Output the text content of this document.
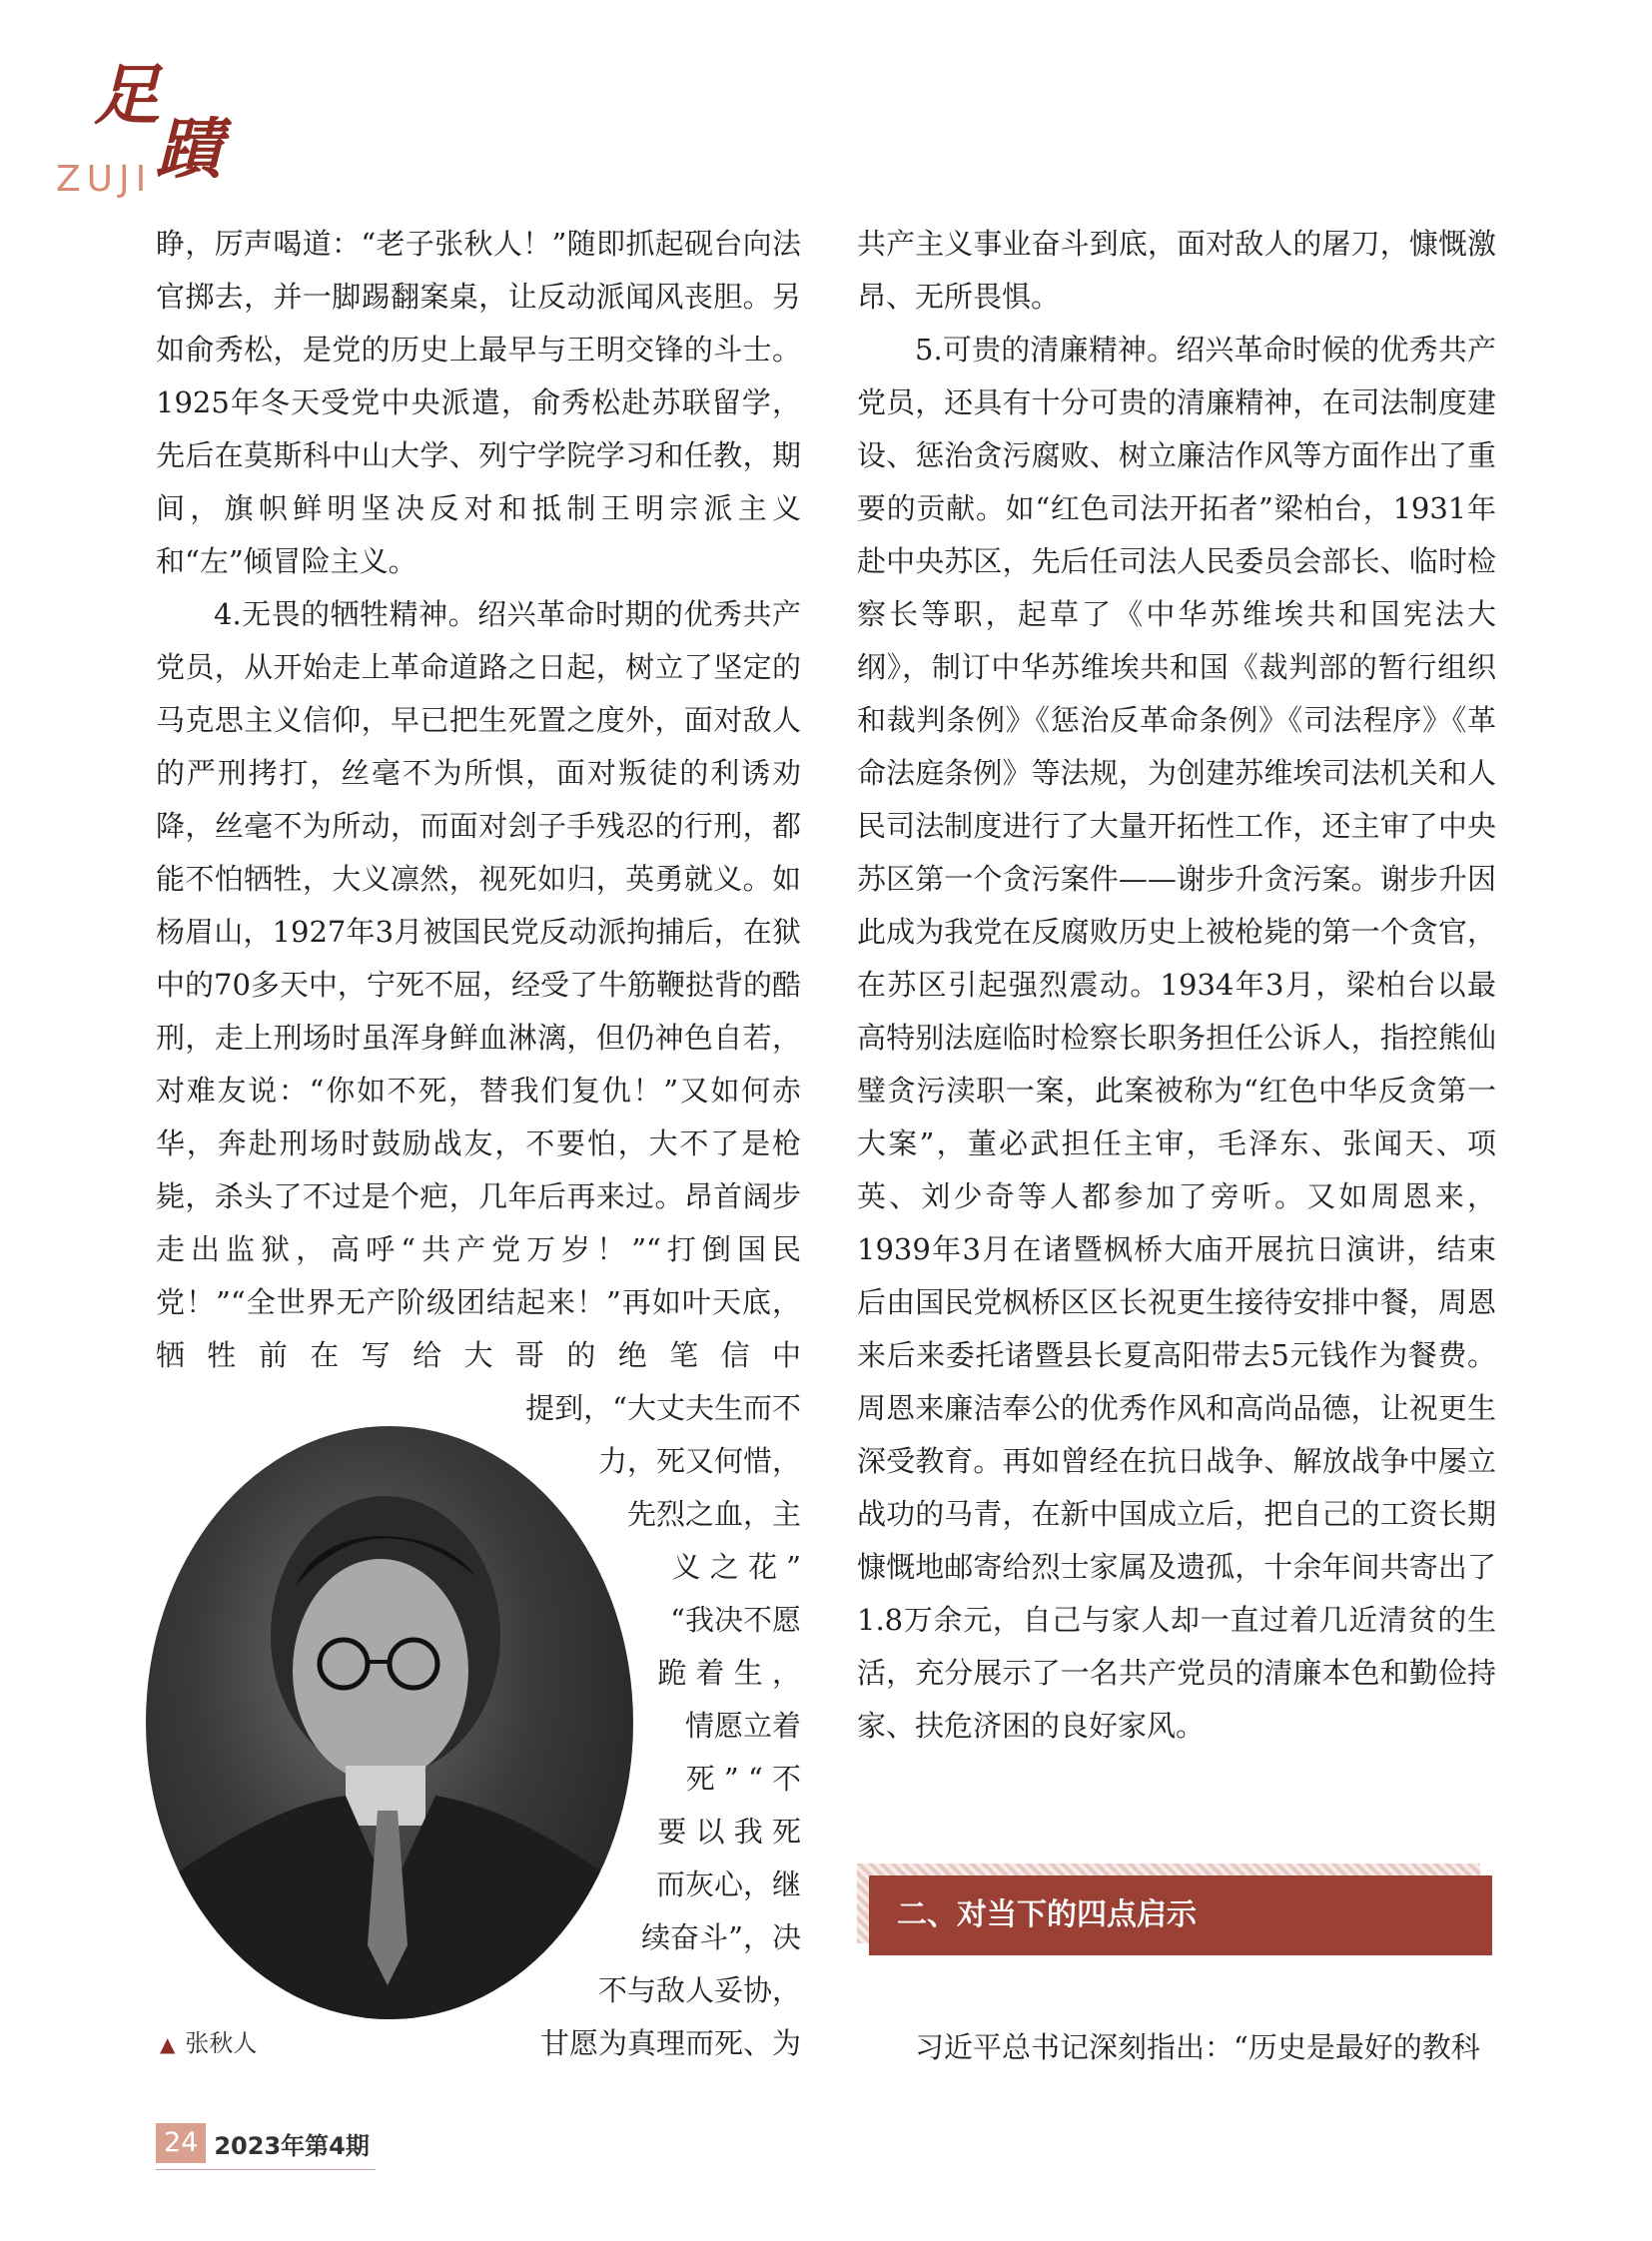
足
蹟
ZUJI

睁，厉声喝道：“老子张秋人！”随即抓起砚台向法官掷去，并一脚踢翻案桌，让反动派闻风丧胆。另如俞秀松，是党的历史上最早与王明交锋的斗士。1925年冬天受党中央派遣，俞秀松赴苏联留学，先后在莫斯科中山大学、列宁学院学习和任教，期间，旗帜鲜明坚决反对和抵制王明宗派主义和“左”倾冒险主义。

4.无畏的牺牲精神。绍兴革命时期的优秀共产党员，从开始走上革命道路之日起，树立了坚定的马克思主义信仰，早已把生死置之度外，面对敌人的严刑拷打，丝毫不为所惧，面对叛徒的利诱劝降，丝毫不为所动，而面对刽子手残忍的行刑，都能不怕牺牲，大义凛然，视死如归，英勇就义。如杨眉山，1927年3月被国民党反动派拘捕后，在狱中的70多天中，宁死不屈，经受了牛筋鞭挞背的酷刑，走上刑场时虽浑身鲜血淋漓，但仍神色自若，对难友说：“你如不死，替我们复仇！”又如何赤华，奔赴刑场时鼓励战友，不要怕，大不了是枪毙，杀头了不过是个疤，几年后再来过。昂首阔步走出监狱，高呼“共产党万岁！”“打倒国民党！”“全世界无产阶级团结起来！”再如叶天底，牺牲前在写给大哥的绝笔信中

提到，“大丈夫生而不
力，死又何惜，
先烈之血，主
义 之 花 ”
“我决不愿
跪 着 生 ，
情愿立着
死 ” “ 不
要 以 我 死
而灰心，继
续奋斗”，决
不与敌人妥协，
甘愿为真理而死、为
▲ 张秋人

共产主义事业奋斗到底，面对敌人的屠刀，慷慨激昂、无所畏惧。

5.可贵的清廉精神。绍兴革命时候的优秀共产党员，还具有十分可贵的清廉精神，在司法制度建设、惩治贪污腐败、树立廉洁作风等方面作出了重要的贡献。如“红色司法开拓者”梁柏台，1931年赴中央苏区，先后任司法人民委员会部长、临时检察长等职，起草了《中华苏维埃共和国宪法大纲》，制订中华苏维埃共和国《裁判部的暂行组织和裁判条例》《惩治反革命条例》《司法程序》《革命法庭条例》等法规，为创建苏维埃司法机关和人民司法制度进行了大量开拓性工作，还主审了中央苏区第一个贪污案件——谢步升贪污案。谢步升因此成为我党在反腐败历史上被枪毙的第一个贪官，在苏区引起强烈震动。1934年3月，梁柏台以最高特别法庭临时检察长职务担任公诉人，指控熊仙璧贪污渎职一案，此案被称为“红色中华反贪第一大案”，董必武担任主审，毛泽东、张闻天、项英、刘少奇等人都参加了旁听。又如周恩来，1939年3月在诸暨枫桥大庙开展抗日演讲，结束后由国民党枫桥区区长祝更生接待安排中餐，周恩来后来委托诸暨县长夏高阳带去5元钱作为餐费。周恩来廉洁奉公的优秀作风和高尚品德，让祝更生深受教育。再如曾经在抗日战争、解放战争中屡立战功的马青，在新中国成立后，把自己的工资长期慷慨地邮寄给烈士家属及遗孤，十余年间共寄出了1.8万余元，自己与家人却一直过着几近清贫的生活，充分展示了一名共产党员的清廉本色和勤俭持家、扶危济困的良好家风。

二、对当下的四点启示
习近平总书记深刻指出：“历史是最好的教科
24 2023年第4期
